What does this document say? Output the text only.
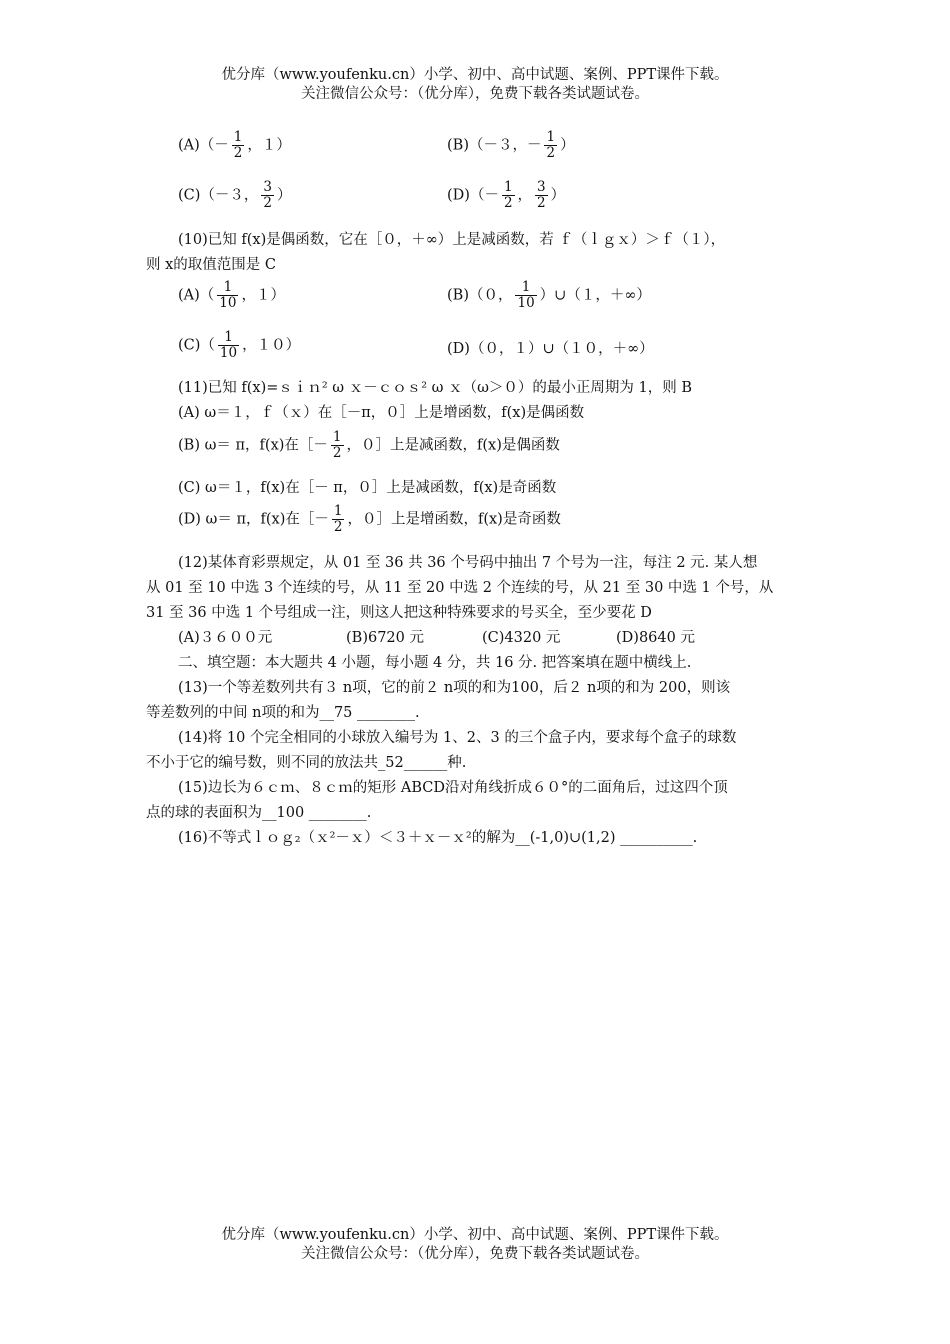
优分库（www.youfenku.cn）小学、初中、高中试题、案例、PPT课件下载。
关注微信公众号：（优分库），免费下载各类试题试卷。
$(A)(- \frac{1}{2}$ ，１）	(B)（－３，－ $\frac{1}{2}$ ）
(C)（－３， $\frac{3}{2}$ ）	$(D)(- \frac{1}{2}$ ， $\frac{3}{2}$ ）
(10)已知 f(x)是偶函数，它在［０，＋∞）上是减函数，若 ｆ（ｌｇｘ）＞ｆ（１），
则 x的取值范围是 C
$(A)( \frac{1}{10}$ ，１）	(B)（０， $\frac{1}{10}$ ）∪（１，＋∞）
$(C)( \frac{1}{10}$ ，１０）	(D)（０，１）∪（１０，＋∞）
(11)已知 f(x)=ｓｉｎ² ω ｘ－ｃｏｓ² ω ｘ（ω＞０）的最小正周期为 1，则 B
(A) ω＝１，ｆ（ｘ）在［－π，０］上是增函数，f(x)是偶函数
(B) ω＝ π，f(x)在［－ $\frac{1}{2}$ ，０］上是减函数，f(x)是偶函数
(C) ω＝１，f(x)在［－ π，０］上是减函数，f(x)是奇函数
(D) ω＝ π，f(x)在［－ $\frac{1}{2}$ ，０］上是增函数，f(x)是奇函数
(12)某体育彩票规定，从 01 至 36 共 36 个号码中抽出 7 个号为一注，每注 2 元. 某人想
从 01 至 10 中选 3 个连续的号，从 11 至 20 中选 2 个连续的号，从 21 至 30 中选 1 个号，从
31 至 36 中选 1 个号组成一注，则这人把这种特殊要求的号买全，至少要花 D
(A)３６００元	(B)6720 元	(C)4320 元	(D)8640 元
二、填空题：本大题共 4 小题，每小题 4 分，共 16 分. 把答案填在题中横线上.
(13)一个等差数列共有３ n项，它的前２ n项的和为100，后２ n项的和为 200，则该
等差数列的中间 n项的和为__75 ________.
(14)将 10 个完全相同的小球放入编号为 1、2、3 的三个盒子内，要求每个盒子的球数
不小于它的编号数，则不同的放法共_52______种.
(15)边长为６ｃｍ、８ｃｍ的矩形 ABCD沿对角线折成６０°的二面角后，过这四个顶
点的球的表面积为__100 ________.
(16)不等式ｌｏｇ₂（ｘ²－ｘ）＜３＋ｘ－ｘ²的解为__(-1,0)∪(1,2) __________.
优分库（www.youfenku.cn）小学、初中、高中试题、案例、PPT课件下载。
关注微信公众号：（优分库），免费下载各类试题试卷。
